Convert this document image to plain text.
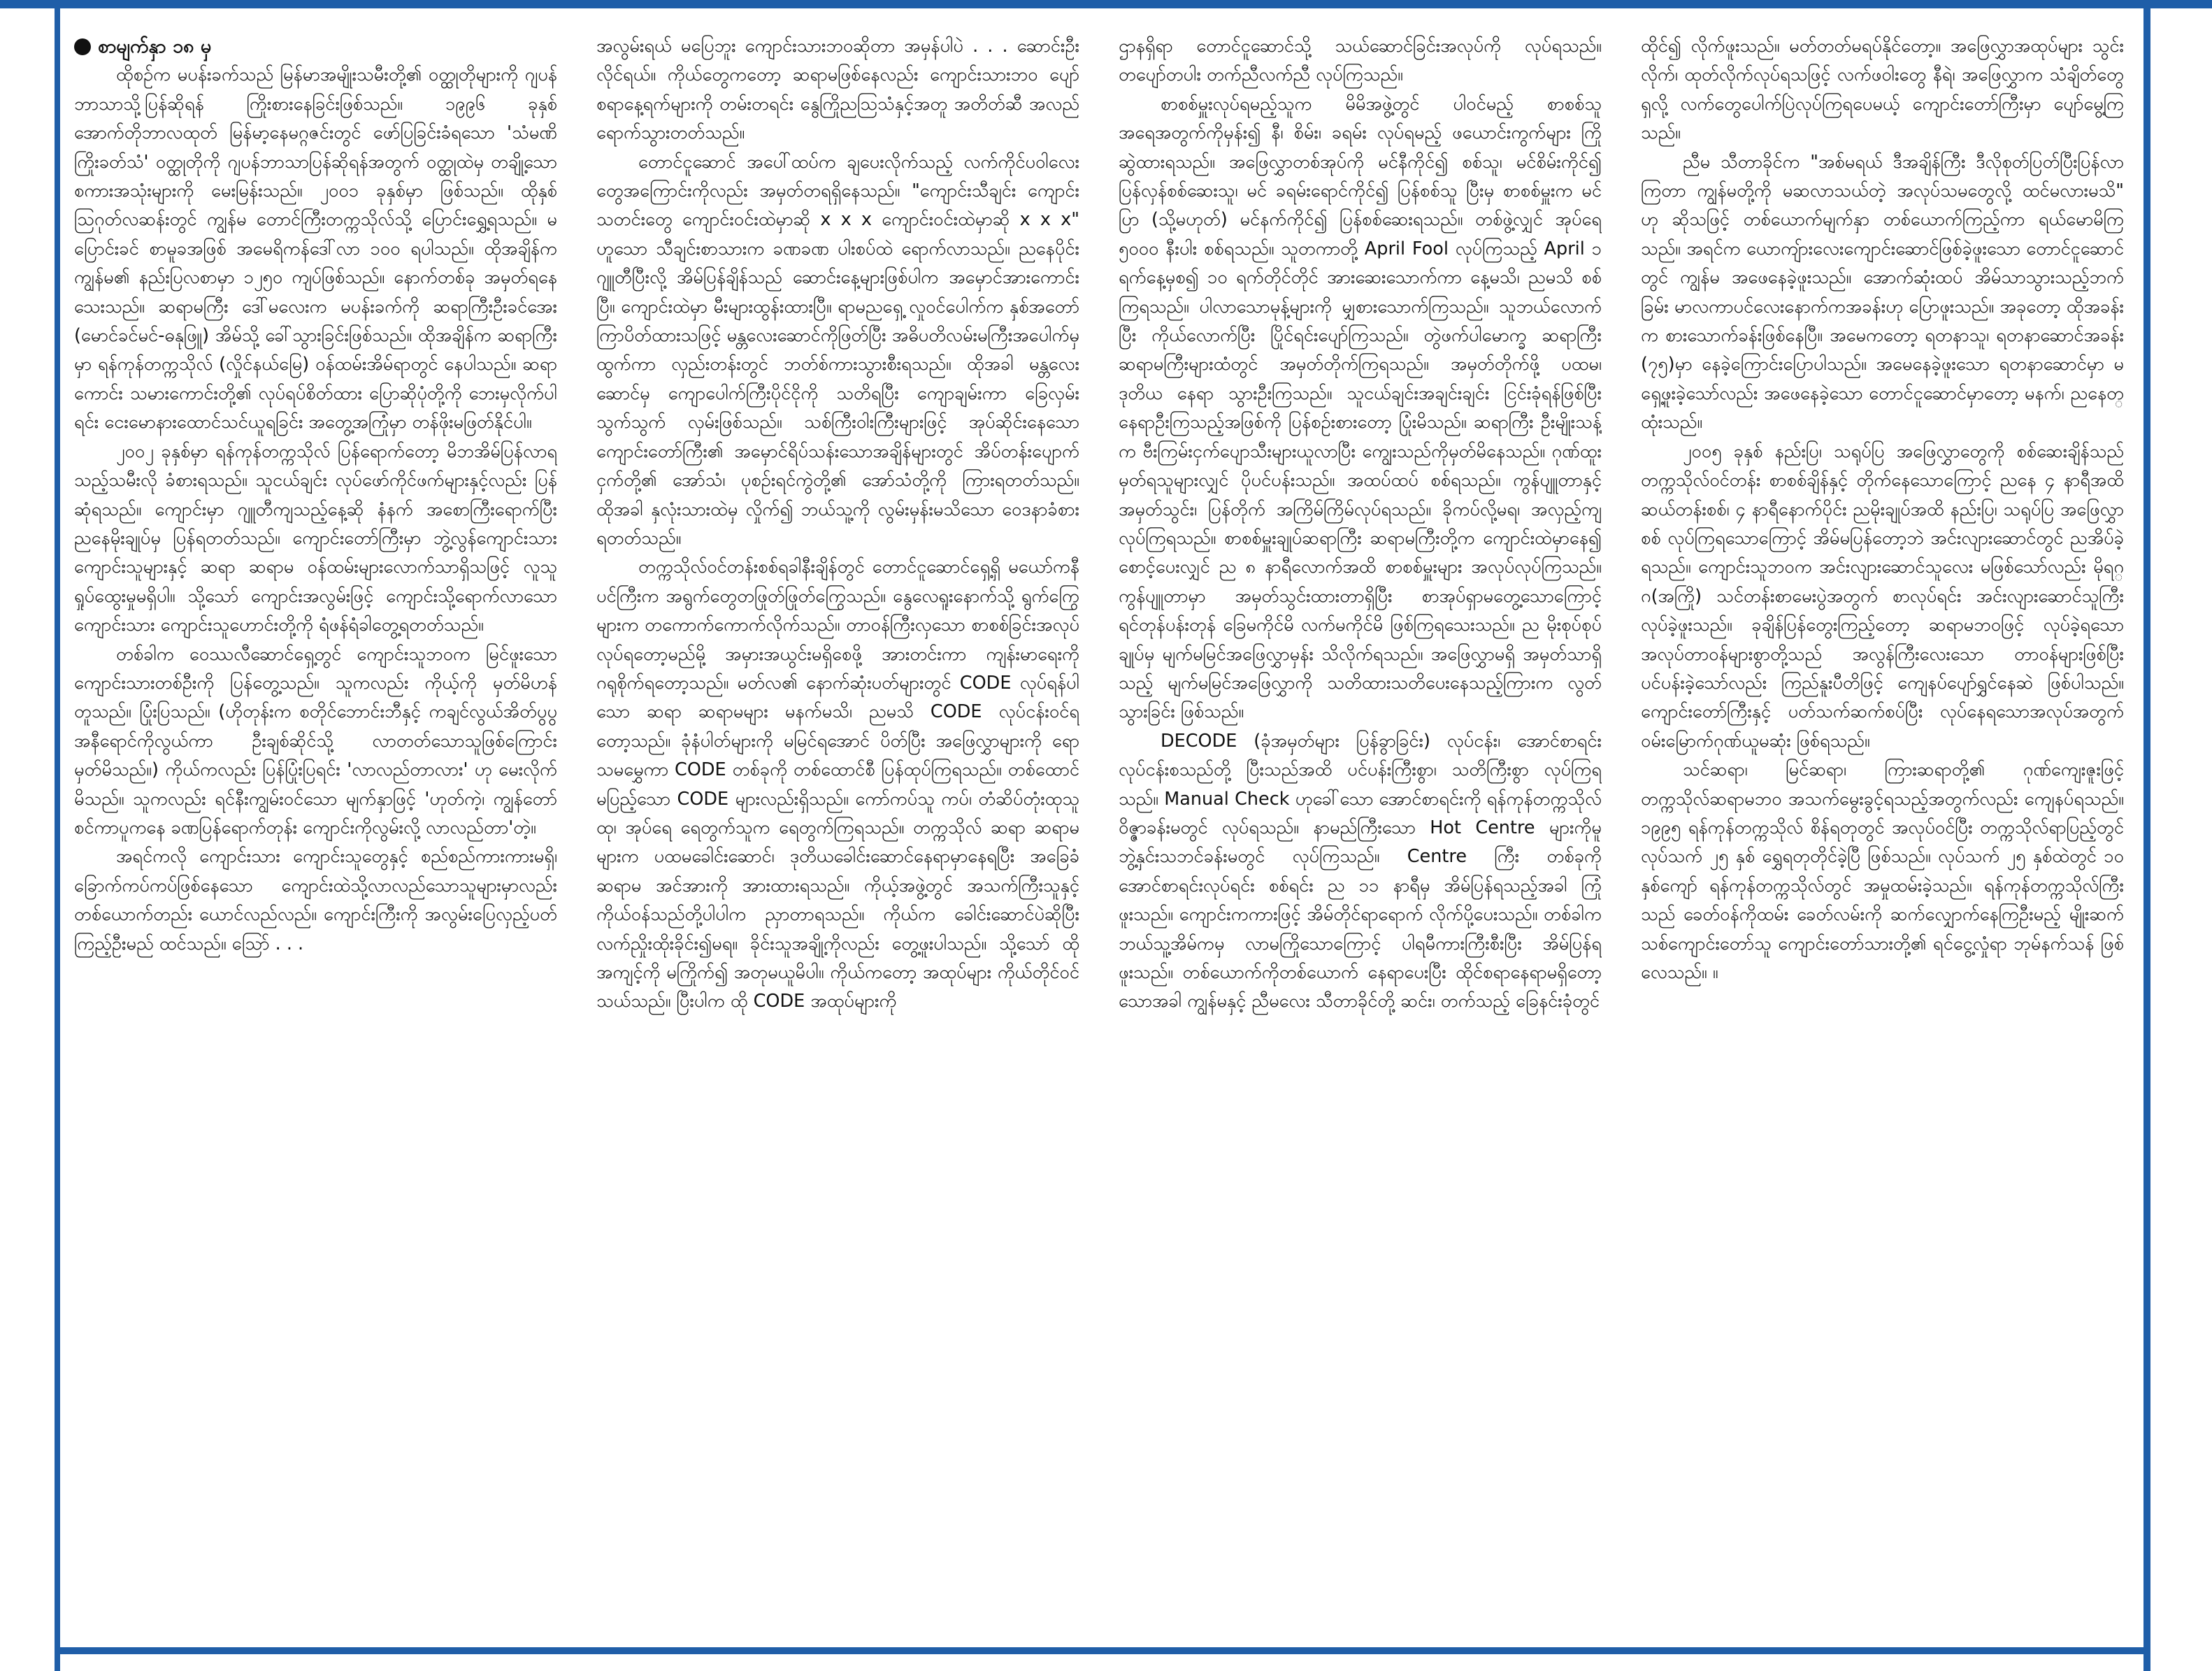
စာမျက်နှာ ၁၈ မှ

ထိုစဥ်က မပန်းခက်သည် မြန်မာအမျိုးသမီးတို့၏ ဝတ္ထုတိုများကို ဂျပန်ဘာသာသို့ပြန်ဆိုရန် ကြိုးစားနေခြင်းဖြစ်သည်။ ၁၉၉၆ ခုနှစ် အောက်တိုဘာလထုတ် မြန်မာ့နေမဂ္ဂဇင်းတွင် ဖော်ပြခြင်းခံရသော 'သံမဏိကြိုးခတ်သံ' ဝတ္ထုတိုကို ဂျပန်ဘာသာပြန်ဆိုရန်အတွက် ဝတ္ထုထဲမှ တချို့သောစကားအသုံးများကို မေးမြန်းသည်။ ၂၀၀၁ ခုနှစ်မှာ ဖြစ်သည်။ ထိုနှစ် ဩဂုတ်လဆန်းတွင် ကျွန်မ တောင်ကြီးတက္ကသိုလ်သို့ ပြောင်းရွှေ့ရသည်။ မပြောင်းခင် စာမူခအဖြစ် အမေရိကန်ဒေါ်လာ ၁၀၀ ရပါသည်။ ထိုအချိန်က ကျွန်မ၏ နည်းပြလစာမှာ ၁၂၅၀ ကျပ်ဖြစ်သည်။ နောက်တစ်ခု အမှတ်ရနေသေးသည်။ ဆရာမကြီး ဒေါ်မလေးက မပန်းခက်ကို ဆရာကြီးဦးခင်အေး (မောင်ခင်မင်-ဓနုဖြူ) အိမ်သို့ ခေါ်သွားခြင်းဖြစ်သည်။ ထိုအချိန်က ဆရာကြီးမှာ ရန်ကုန်တက္ကသိုလ် (လှိုင်နယ်မြေ) ဝန်ထမ်းအိမ်ရာတွင် နေပါသည်။ ဆရာကောင်း သမားကောင်းတို့၏ လုပ်ရပ်စိတ်ထား ပြောဆိုပုံတို့ကို ဘေးမှလိုက်ပါရင်း ငေးမောနားထောင်သင်ယူရခြင်း အတွေ့အကြုံမှာ တန်ဖိုးမဖြတ်နိုင်ပါ။

၂၀၀၂ ခုနှစ်မှာ ရန်ကုန်တက္ကသိုလ် ပြန်ရောက်တော့ မိဘအိမ်ပြန်လာရသည့်သမီးလို ခံစားရသည်။ သူငယ်ချင်း လုပ်ဖော်ကိုင်ဖက်များနှင့်လည်း ပြန်ဆုံရသည်။ ကျောင်းမှာ ဂျူတီကျသည့်နေ့ဆို နံနက် အစောကြီးရောက်ပြီး ညနေမိုးချုပ်မှ ပြန်ရတတ်သည်။ ကျောင်းတော်ကြီးမှာ ဘွဲ့လွန်ကျောင်းသား ကျောင်းသူများနှင့် ဆရာ ဆရာမ ဝန်ထမ်းများလောက်သာရှိသဖြင့် လူသူရှုပ်ထွေးမှုမရှိပါ။ သို့သော် ကျောင်းအလွမ်းဖြင့် ကျောင်းသို့ရောက်လာသော ကျောင်းသား ကျောင်းသူဟောင်းတို့ကို ရံဖန်ရံခါတွေ့ရတတ်သည်။

တစ်ခါက ဝေဿလီဆောင်ရှေ့တွင် ကျောင်းသူဘဝက မြင်ဖူးသော ကျောင်းသားတစ်ဦးကို ပြန်တွေ့သည်။ သူကလည်း ကိုယ့်ကို မှတ်မိဟန်တူသည်။ ပြုံးပြသည်။ (ဟိုတုန်းက စတိုင်ဘောင်းဘီနှင့် ကချင်လွယ်အိတ်ပွပွ အနီရောင်ကိုလွယ်ကာ ဦးချစ်ဆိုင်သို့ လာတတ်သောသူဖြစ်ကြောင်း မှတ်မိသည်။) ကိုယ်ကလည်း ပြန်ပြုံးပြရင်း 'လာလည်တာလား' ဟု မေးလိုက်မိသည်။ သူကလည်း ရင်နီးကျွမ်းဝင်သော မျက်နှာဖြင့် 'ဟုတ်ကဲ့၊ ကျွန်တော် စင်ကာပူကနေ ခဏပြန်ရောက်တုန်း ကျောင်းကိုလွမ်းလို့ လာလည်တာ'တဲ့။

အရင်ကလို ကျောင်းသား ကျောင်းသူတွေနှင့် စည်စည်ကားကားမရှိ၊ ခြောက်ကပ်ကပ်ဖြစ်နေသော ကျောင်းထဲသို့လာလည်သောသူများမှာလည်း တစ်ယောက်တည်း ယောင်လည်လည်။ ကျောင်းကြီးကို အလွမ်းပြေလှည့်ပတ်ကြည့်ဦးမည် ထင်သည်။ သြော် . . .

အလွမ်းရယ် မပြေဘူး ကျောင်းသားဘဝဆိုတာ အမှန်ပါပဲ . . . ဆောင်းဦးလိုင်ရယ်။ ကိုယ်တွေကတော့ ဆရာမဖြစ်နေလည်း ကျောင်းသားဘဝ ပျော်စရာနေ့ရက်များကို တမ်းတရင်း နွေကြိုညသြသံနှင့်အတူ အတိတ်ဆီ အလည်ရောက်သွားတတ်သည်။

တောင်ငူဆောင် အပေါ်ထပ်က ချပေးလိုက်သည့် လက်ကိုင်ပဝါလေးတွေအကြောင်းကိုလည်း အမှတ်တရရှိနေသည်။ "ကျောင်းသီချင်း ကျောင်းသတင်းတွေ ကျောင်းဝင်းထဲမှာဆို x x x ကျောင်းဝင်းထဲမှာဆို x x x" ဟူသော သီချင်းစာသားက ခဏခဏ ပါးစပ်ထဲ ရောက်လာသည်။ ညနေပိုင်း ဂျူတီပြီးလို့ အိမ်ပြန်ချိန်သည် ဆောင်းနေ့များဖြစ်ပါက အမှောင်အားကောင်းပြီ။ ကျောင်းထဲမှာ မီးများထွန်းထားပြီ။ ရာမညရှေ့ လှုဝင်ပေါက်က နှစ်အတော်ကြာပိတ်ထားသဖြင့် မန္တလေးဆောင်ကိုဖြတ်ပြီး အဓိပတိလမ်းမကြီးအပေါက်မှထွက်ကာ လှည်းတန်းတွင် ဘတ်စ်ကားသွားစီးရသည်။ ထိုအခါ မန္တလေးဆောင်မှ ကျောပေါက်ကြီးပိုင်ငိုကို သတိရပြီး ကျောချမ်းကာ ခြေလှမ်းသွက်သွက် လှမ်းဖြစ်သည်။ သစ်ကြီးဝါးကြီးများဖြင့် အုပ်ဆိုင်းနေသော ကျောင်းတော်ကြီး၏ အမှောင်ရိပ်သန်းသောအချိန်များတွင် အိပ်တန်းပျောက် ငှက်တို့၏ အော်သံ၊ ပုစဥ်းရင်ကွဲတို့၏ အော်သံတို့ကို ကြားရတတ်သည်။ ထိုအခါ နှလုံးသားထဲမှ လှိုက်၍ ဘယ်သူ့ကို လွမ်းမှန်းမသိသော ဝေဒနာခံစားရတတ်သည်။

တက္ကသိုလ်ဝင်တန်းစစ်ရခါနီးချိန်တွင် တောင်ငူဆောင်ရှေ့ရှိ မယော်ကနီပင်ကြီးက အရွက်တွေတဖြုတ်ဖြုတ်ကြွေသည်။ နွေလေရူးနောက်သို့ ရွက်ကြွေများက တကောက်ကောက်လိုက်သည်။ တာဝန်ကြီးလှသော စာစစ်ခြင်းအလုပ် လုပ်ရတော့မည်မို့ အမှားအယွင်းမရှိစေဖို့ အားတင်းကာ ကျန်းမာရေးကို ဂရုစိုက်ရတော့သည်။ မတ်လ၏ နောက်ဆုံးပတ်များတွင် CODE လုပ်ရန်ပါသော ဆရာ ဆရာမများ မနက်မသိ၊ ညမသိ CODE လုပ်ငန်းဝင်ရတော့သည်။ ခုံနံပါတ်များကို မမြင်ရအောင် ပိတ်ပြီး အဖြေလွှာများကို ရောသမမွှေကာ CODE တစ်ခုကို တစ်ထောင်စီ ပြန်ထုပ်ကြရသည်။ တစ်ထောင်မပြည့်သော CODE များလည်းရှိသည်။ ကော်ကပ်သူ ကပ်၊ တံဆိပ်တုံးထုသူထု၊ အုပ်ရေ ရေတွက်သူက ရေတွက်ကြရသည်။ တက္ကသိုလ် ဆရာ ဆရာမများက ပထမခေါင်းဆောင်၊ ဒုတိယခေါင်းဆောင်နေရာမှာနေရပြီး အခြေခံ ဆရာမ အင်အားကို အားထားရသည်။ ကိုယ့်အဖွဲ့တွင် အသက်ကြီးသူနှင့် ကိုယ်ဝန်သည်တို့ပါပါက ညှာတာရသည်။ ကိုယ်က ခေါင်းဆောင်ပဲဆိုပြီး လက်ညှိုးထိုးခိုင်း၍မရ။ ခိုင်းသူအချို့ကိုလည်း တွေ့ဖူးပါသည်။ သို့သော် ထိုအကျင့်ကို မကြိုက်၍ အတုမယူမိပါ။ ကိုယ်ကတော့ အထုပ်များ ကိုယ်တိုင်ဝင်သယ်သည်။ ပြီးပါက ထို CODE အထုပ်များကို

ဌာနရှိရာ တောင်ငူဆောင်သို့ သယ်ဆောင်ခြင်းအလုပ်ကို လုပ်ရသည်။ တပျော်တပါး တက်ညီလက်ညီ လုပ်ကြသည်။

စာစစ်မှူးလုပ်ရမည့်သူက မိမိအဖွဲ့တွင် ပါဝင်မည့် စာစစ်သူအရေအတွက်ကိုမှန်း၍ နီ၊ စိမ်း၊ ခရမ်း လုပ်ရမည့် ဖယောင်းကွက်များ ကြိုဆွဲထားရသည်။ အဖြေလွှာတစ်အုပ်ကို မင်နီကိုင်၍ စစ်သူ၊ မင်စိမ်းကိုင်၍ ပြန်လှန်စစ်ဆေးသူ၊ မင် ခရမ်းရောင်ကိုင်၍ ပြန်စစ်သူ ပြီးမှ စာစစ်မှူးက မင်ပြာ (သို့မဟုတ်) မင်နက်ကိုင်၍ ပြန်စစ်ဆေးရသည်။ တစ်ဖွဲ့လျှင် အုပ်ရေ ၅၀၀၀ နီးပါး စစ်ရသည်။ သူတကာတို့ April Fool လုပ်ကြသည့် April ၁ ရက်နေ့မှစ၍ ၁၀ ရက်တိုင်တိုင် အားဆေးသောက်ကာ နေ့မသိ၊ ညမသိ စစ်ကြရသည်။ ပါလာသောမုန့်များကို မျှစားသောက်ကြသည်။ သူဘယ်လောက်ပြီး ကိုယ်လောက်ပြီး ပြိုင်ရင်းပျော်ကြသည်။ တွဲဖက်ပါမောက္ခ ဆရာကြီး ဆရာမကြီးများထံတွင် အမှတ်တိုက်ကြရသည်။ အမှတ်တိုက်ဖို့ ပထမ၊ ဒုတိယ နေရာ သွားဦးကြသည်။ သူငယ်ချင်းအချင်းချင်း ငြင်းခုံရန်ဖြစ်ပြီး နေရာဦးကြသည့်အဖြစ်ကို ပြန်စဉ်းစားတော့ ပြုံးမိသည်။ ဆရာကြီး ဦးမျိုးသန့်က ဗီးကြမ်းငှက်ပျောသီးများယူလာပြီး ကျွေးသည်ကိုမှတ်မိနေသည်။ ဂုဏ်ထူးမှတ်ရသူများလျှင် ပိုပင်ပန်းသည်။ အထပ်ထပ် စစ်ရသည်။ ကွန်ပျူတာနှင့် အမှတ်သွင်း၊ ပြန်တိုက် အကြိမ်ကြိမ်လုပ်ရသည်။ ခိုကပ်လို့မရ၊ အလှည့်ကျလုပ်ကြရသည်။ စာစစ်မှူးချုပ်ဆရာကြီး ဆရာမကြီးတို့က ကျောင်းထဲမှာနေ၍ စောင့်ပေးလျှင် ည ၈ နာရီလောက်အထိ စာစစ်မှူးများ အလုပ်လုပ်ကြသည်။ ကွန်ပျူတာမှာ အမှတ်သွင်းထားတာရှိပြီး စာအုပ်ရှာမတွေ့သောကြောင့် ရင်တုန်ပန်းတုန် ခြေမကိုင်မိ လက်မကိုင်မိ ဖြစ်ကြရသေးသည်။ ည မိုးစုပ်စုပ်ချုပ်မှ မျက်မမြင်အဖြေလွှာမှန်း သိလိုက်ရသည်။ အဖြေလွှာမရှိ အမှတ်သာရှိသည့် မျက်မမြင်အဖြေလွှာကို သတိထားသတိပေးနေသည့်ကြားက လွတ်သွားခြင်း ဖြစ်သည်။

DECODE (ခုံအမှတ်များ ပြန်ခွာခြင်း) လုပ်ငန်း၊ အောင်စာရင်းလုပ်ငန်းစသည်တို့ ပြီးသည်အထိ ပင်ပန်းကြီးစွာ၊ သတိကြီးစွာ လုပ်ကြရသည်။ Manual Check ဟုခေါ်သော အောင်စာရင်းကို ရန်ကုန်တက္ကသိုလ် ဝိဇ္ဇာခန်းမတွင် လုပ်ရသည်။ နာမည်ကြီးသော Hot Centre များကိုမူ ဘွဲ့နှင်းသဘင်ခန်းမတွင် လုပ်ကြသည်။ Centre ကြီး တစ်ခုကို အောင်စာရင်းလုပ်ရင်း စစ်ရင်း ည ၁၁ နာရီမှ အိမ်ပြန်ရသည့်အခါ ကြုံဖူးသည်။ ကျောင်းကကားဖြင့် အိမ်တိုင်ရာရောက် လိုက်ပို့ပေးသည်။ တစ်ခါက ဘယ်သူ့အိမ်ကမှ လာမကြိုသောကြောင့် ပါရမီကားကြီးစီးပြီး အိမ်ပြန်ရဖူးသည်။ တစ်ယောက်ကိုတစ်ယောက် နေရာပေးပြီး ထိုင်စရာနေရာမရှိတော့သောအခါ ကျွန်မနှင့် ညီမလေး သီတာခိုင်တို့ ဆင်း၊ တက်သည့် ခြေနင်းခုံတွင်

ထိုင်၍ လိုက်ဖူးသည်။ မတ်တတ်မရပ်နိုင်တော့။ အဖြေလွှာအထုပ်များ သွင်းလိုက်၊ ထုတ်လိုက်လုပ်ရသဖြင့် လက်ဖဝါးတွေ နီရဲ၊ အဖြေလွှာက သံချိတ်တွေရှလို့ လက်တွေပေါက်ပြဲလုပ်ကြရပေမယ့် ကျောင်းတော်ကြီးမှာ ပျော်မွေ့ကြသည်။

ညီမ သီတာခိုင်က "အစ်မရယ် ဒီအချိန်ကြီး ဒီလိုစုတ်ပြတ်ပြီးပြန်လာကြတာ ကျွန်မတို့ကို မဆလာသယ်တဲ့ အလုပ်သမတွေလို့ ထင်မလားမသိ" ဟု ဆိုသဖြင့် တစ်ယောက်မျက်နှာ တစ်ယောက်ကြည့်ကာ ရယ်မောမိကြသည်။ အရင်က ယောကျ်ားလေးကျောင်းဆောင်ဖြစ်ခဲ့ဖူးသော တောင်ငူဆောင်တွင် ကျွန်မ အဖေနေခဲ့ဖူးသည်။ အောက်ဆုံးထပ် အိမ်သာသွားသည့်ဘက်ခြမ်း မာလကာပင်လေးနောက်ကအခန်းဟု ပြောဖူးသည်။ အခုတော့ ထိုအခန်းက စားသောက်ခန်းဖြစ်နေပြီ။ အမေကတော့ ရတနာသူ၊ ရတနာဆောင်အခန်း (၇၅)မှာ နေခဲ့ကြောင်းပြောပါသည်။ အမေနေခဲ့ဖူးသော ရတနာဆောင်မှာ မရှေ့ဖူးခဲ့သော်လည်း အဖေနေခဲ့သော တောင်ငူဆောင်မှာတော့ မနက်၊ ညနေတ္ထုံးသည်။

၂၀၀၅ ခုနှစ် နည်းပြ၊ သရုပ်ပြ အဖြေလွှာတွေကို စစ်ဆေးချိန်သည် တက္ကသိုလ်ဝင်တန်း စာစစ်ချိန်နှင့် တိုက်နေသောကြောင့် ညနေ ၄ နာရီအထိ ဆယ်တန်းစစ်၊ ၄ နာရီနောက်ပိုင်း ညမိုးချုပ်အထိ နည်းပြ၊ သရုပ်ပြ အဖြေလွှာစစ် လုပ်ကြရသောကြောင့် အိမ်မပြန်တော့ဘဲ အင်းလျားဆောင်တွင် ညအိပ်ခဲ့ရသည်။ ကျောင်းသူဘဝက အင်းလျားဆောင်သူလေး မဖြစ်သော်လည်း မိုရဂ္ဂ(အကြို) သင်တန်းစာမေးပွဲအတွက် စာလုပ်ရင်း အင်းလျားဆောင်သူကြီး လုပ်ခဲ့ဖူးသည်။ ခုချိန်ပြန်တွေးကြည့်တော့ ဆရာမဘဝဖြင့် လုပ်ခဲ့ရသော အလုပ်တာဝန်များစွာတို့သည် အလွန်ကြီးလေးသော တာဝန်များဖြစ်ပြီး ပင်ပန်းခဲ့သော်လည်း ကြည်နူးပီတိဖြင့် ကျေနပ်ပျော်ရွှင်နေဆဲ ဖြစ်ပါသည်။ ကျောင်းတော်ကြီးနှင့် ပတ်သက်ဆက်စပ်ပြီး လုပ်နေရသောအလုပ်အတွက် ဝမ်းမြောက်ဂုဏ်ယူမဆုံး ဖြစ်ရသည်။

သင်ဆရာ၊ မြင်ဆရာ၊ ကြားဆရာတို့၏ ဂုဏ်ကျေးဇူးဖြင့် တက္ကသိုလ်ဆရာမဘဝ အသက်မွေးခွင့်ရသည့်အတွက်လည်း ကျေနပ်ရသည်။ ၁၉၉၅ ရန်ကုန်တက္ကသိုလ် စိန်ရတုတွင် အလုပ်ဝင်ပြီး တက္ကသိုလ်ရာပြည့်တွင် လုပ်သက် ၂၅ နှစ် ရွှေရတုတိုင်ခဲ့ပြီ ဖြစ်သည်။ လုပ်သက် ၂၅ နှစ်ထဲတွင် ၁၀ နှစ်ကျော် ရန်ကုန်တက္ကသိုလ်တွင် အမှုထမ်းခဲ့သည်။ ရန်ကုန်တက္ကသိုလ်ကြီးသည် ခေတ်ဝန်ကိုထမ်း ခေတ်လမ်းကို ဆက်လျှောက်နေကြဦးမည့် မျိုးဆက်သစ်ကျောင်းတော်သူ ကျောင်းတော်သားတို့၏ ရင်ငွေ့လှုံရာ ဘုမ်နက်သန် ဖြစ်လေသည်။ ။
